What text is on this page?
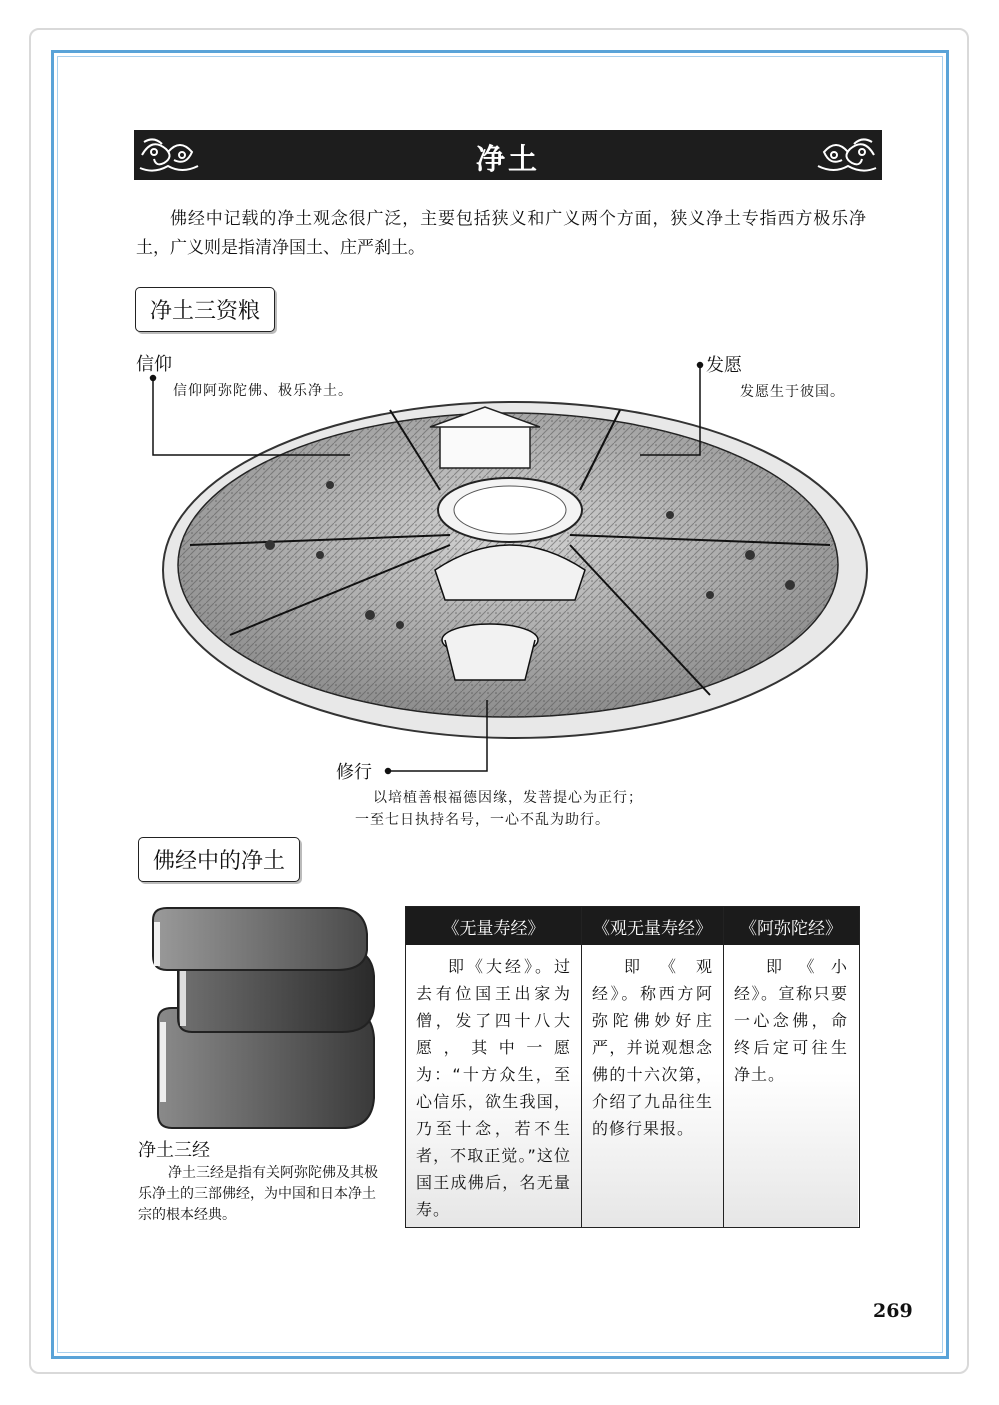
净土

佛经中记载的净土观念很广泛，主要包括狭义和广义两个方面，狭义净土专指西方极乐净土，广义则是指清净国土、庄严刹土。

净土三资粮
信仰
信仰阿弥陀佛、极乐净土。
发愿
发愿生于彼国。
修行
以培植善根福德因缘，发菩提心为正行；
一至七日执持名号，一心不乱为助行。
佛经中的净土
净土三经

净土三经是指有关阿弥陀佛及其极乐净土的三部佛经，为中国和日本净土宗的根本经典。

《无量寿经》	《观无量寿经》	《阿弥陀经》
即《大经》。过去有位国王出家为僧，发了四十八大愿，其中一愿为：“十方众生，至心信乐，欲生我国，乃至十念，若不生者，不取正觉。”这位国王成佛后，名无量寿。
即《观经》。称西方阿弥陀佛妙好庄严，并说观想念佛的十六次第，介绍了九品往生的修行果报。
即《小经》。宣称只要一心念佛，命终后定可往生净土。
269
